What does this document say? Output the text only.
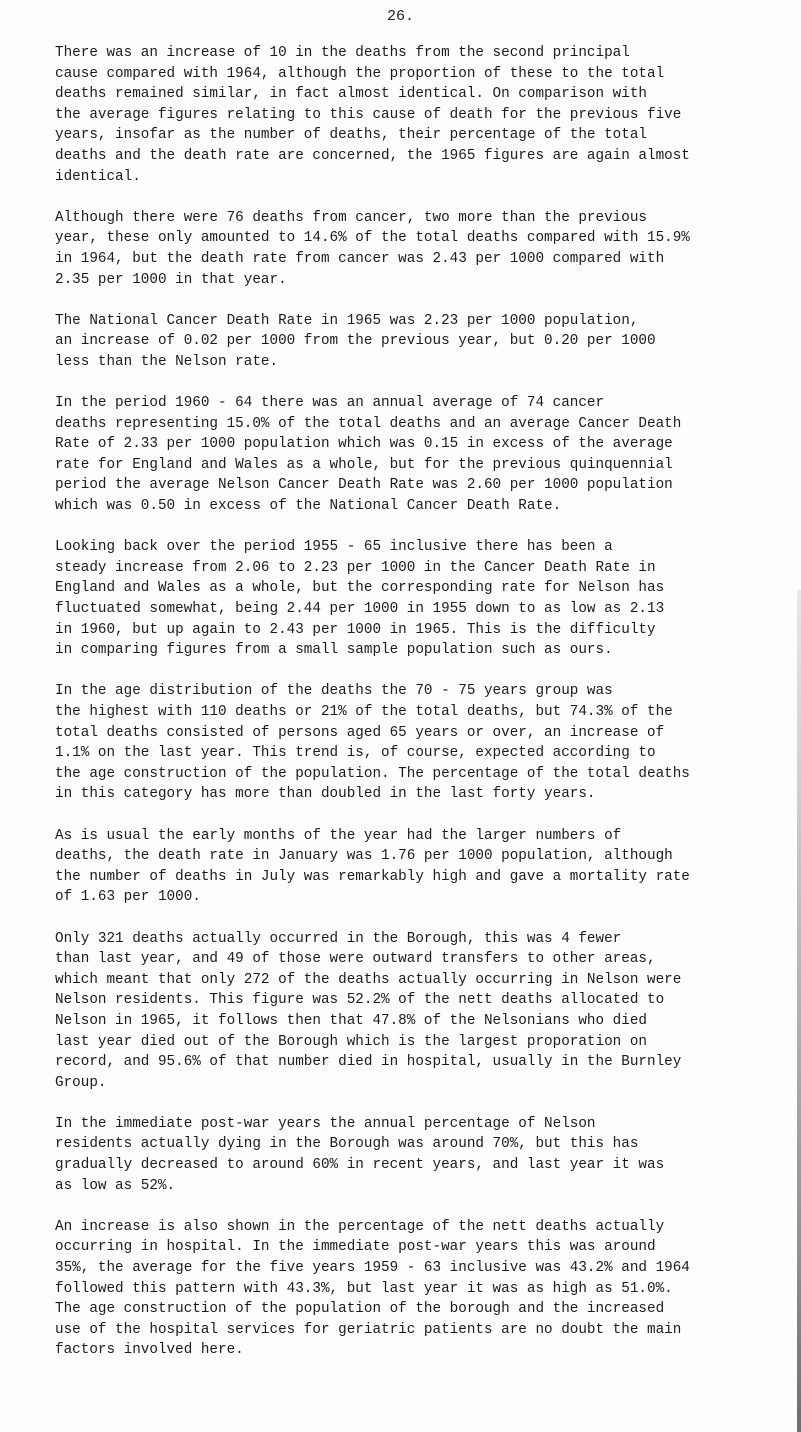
26.

There was an increase of 10 in the deaths from the second principal
cause compared with 1964, although the proportion of these to the total
deaths remained similar, in fact almost identical. On comparison with
the average figures relating to this cause of death for the previous five
years, insofar as the number of deaths, their percentage of the total
deaths and the death rate are concerned, the 1965 figures are again almost
identical.

Although there were 76 deaths from cancer, two more than the previous
year, these only amounted to 14.6% of the total deaths compared with 15.9%
in 1964, but the death rate from cancer was 2.43 per 1000 compared with
2.35 per 1000 in that year.

The National Cancer Death Rate in 1965 was 2.23 per 1000 population,
an increase of 0.02 per 1000 from the previous year, but 0.20 per 1000
less than the Nelson rate.

In the period 1960 - 64 there was an annual average of 74 cancer
deaths representing 15.0% of the total deaths and an average Cancer Death
Rate of 2.33 per 1000 population which was 0.15 in excess of the average
rate for England and Wales as a whole, but for the previous quinquennial
period the average Nelson Cancer Death Rate was 2.60 per 1000 population
which was 0.50 in excess of the National Cancer Death Rate.

Looking back over the period 1955 - 65 inclusive there has been a
steady increase from 2.06 to 2.23 per 1000 in the Cancer Death Rate in
England and Wales as a whole, but the corresponding rate for Nelson has
fluctuated somewhat, being 2.44 per 1000 in 1955 down to as low as 2.13
in 1960, but up again to 2.43 per 1000 in 1965. This is the difficulty
in comparing figures from a small sample population such as ours.

In the age distribution of the deaths the 70 - 75 years group was
the highest with 110 deaths or 21% of the total deaths, but 74.3% of the
total deaths consisted of persons aged 65 years or over, an increase of
1.1% on the last year. This trend is, of course, expected according to
the age construction of the population. The percentage of the total deaths
in this category has more than doubled in the last forty years.

As is usual the early months of the year had the larger numbers of
deaths, the death rate in January was 1.76 per 1000 population, although
the number of deaths in July was remarkably high and gave a mortality rate
of 1.63 per 1000.

Only 321 deaths actually occurred in the Borough, this was 4 fewer
than last year, and 49 of those were outward transfers to other areas,
which meant that only 272 of the deaths actually occurring in Nelson were
Nelson residents. This figure was 52.2% of the nett deaths allocated to
Nelson in 1965, it follows then that 47.8% of the Nelsonians who died
last year died out of the Borough which is the largest proporation on
record, and 95.6% of that number died in hospital, usually in the Burnley
Group.

In the immediate post-war years the annual percentage of Nelson
residents actually dying in the Borough was around 70%, but this has
gradually decreased to around 60% in recent years, and last year it was
as low as 52%.

An increase is also shown in the percentage of the nett deaths actually
occurring in hospital. In the immediate post-war years this was around
35%, the average for the five years 1959 - 63 inclusive was 43.2% and 1964
followed this pattern with 43.3%, but last year it was as high as 51.0%.
The age construction of the population of the borough and the increased
use of the hospital services for geriatric patients are no doubt the main
factors involved here.
